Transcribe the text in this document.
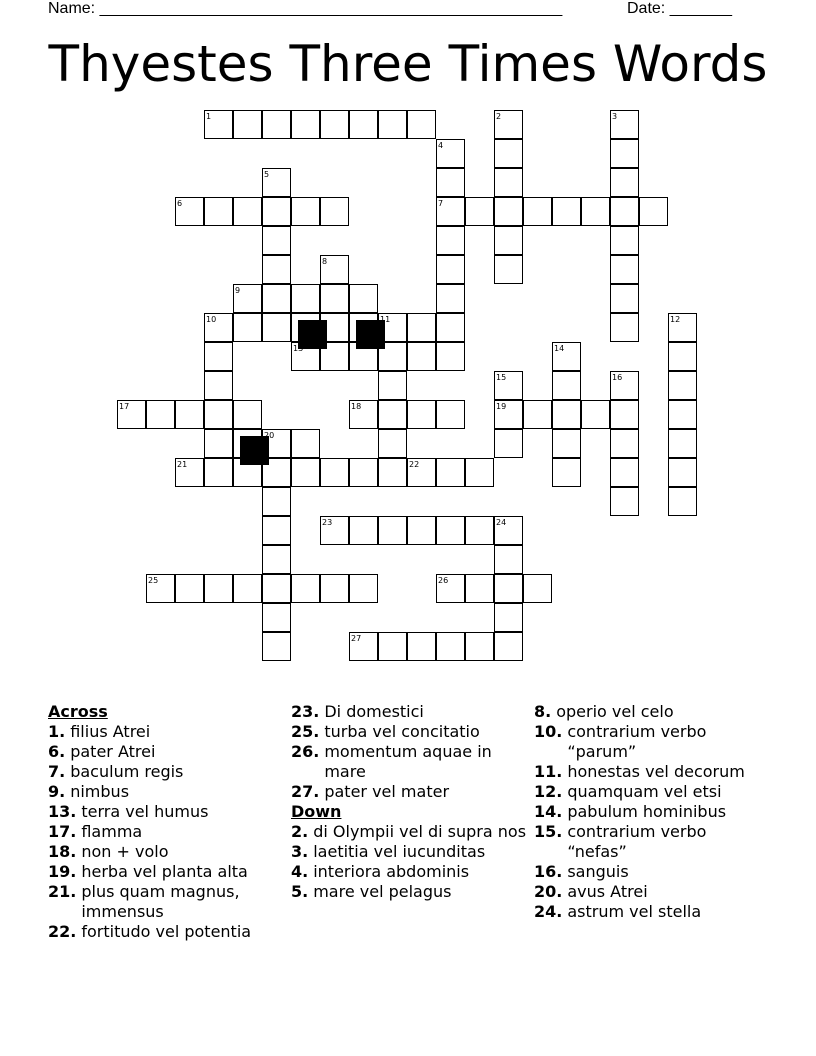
Name: ____________________________________________________	Date: _______
Thyestes Three Times Words
1	2	3
4
5
6	7
8
9
10	11	12
13	14
15	16
17	18	19
20
21	22
23	24
25	26
27
Across
1. filius Atrei
6. pater Atrei
7. baculum regis
9. nimbus
13. terra vel humus
17. flamma
18. non + volo
19. herba vel planta alta
21. plus quam magnus, immensus
22. fortitudo vel potentia
23. Di domestici
25. turba vel concitatio
26. momentum aquae in mare
27. pater vel mater
Down
2. di Olympii vel di supra nos
3. laetitia vel iucunditas
4. interiora abdominis
5. mare vel pelagus
8. operio vel celo
10. contrarium verbo “parum”
11. honestas vel decorum
12. quamquam vel etsi
14. pabulum hominibus
15. contrarium verbo “nefas”
16. sanguis
20. avus Atrei
24. astrum vel stella
